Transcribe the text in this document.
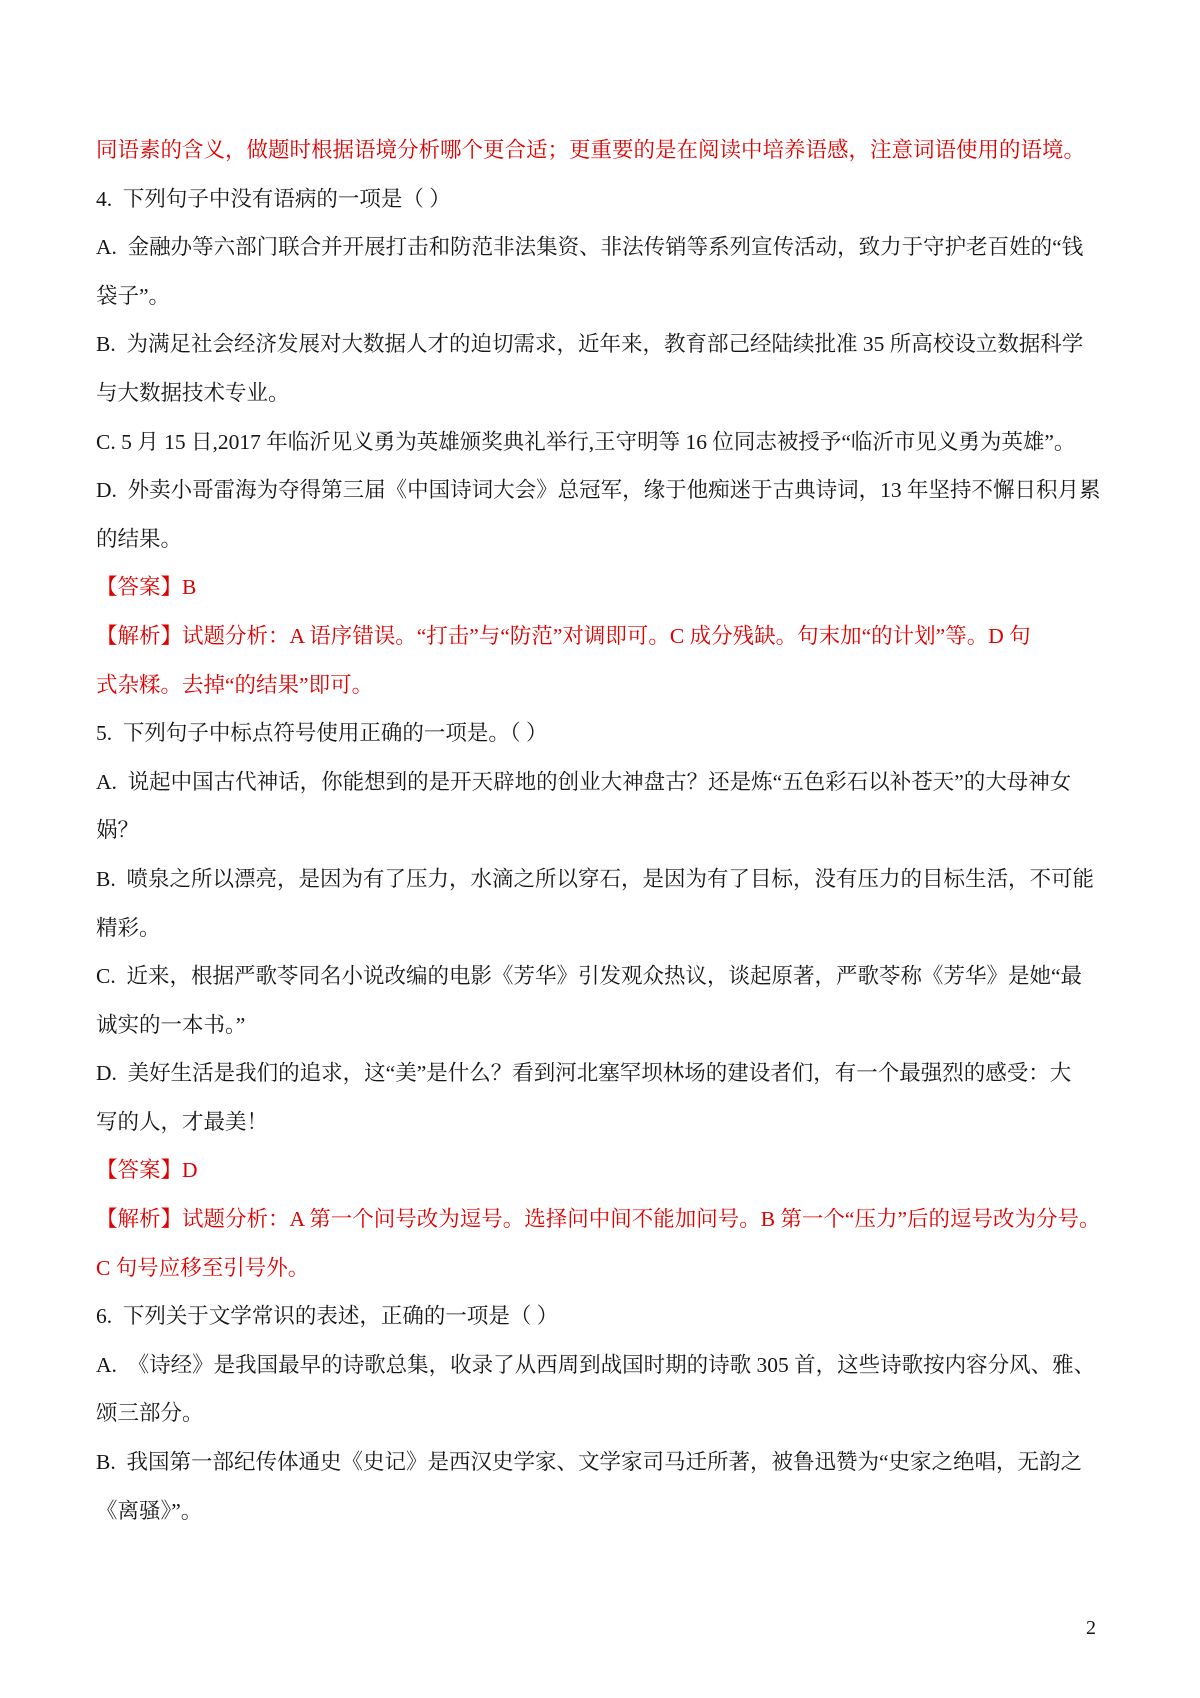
同语素的含义，做题时根据语境分析哪个更合适；更重要的是在阅读中培养语感，注意词语使用的语境。
4.  下列句子中没有语病的一项是（ ）
A.  金融办等六部门联合并开展打击和防范非法集资、非法传销等系列宣传活动，致力于守护老百姓的“钱
袋子”。
B.  为满足社会经济发展对大数据人才的迫切需求，近年来，教育部己经陆续批准 35 所高校设立数据科学
与大数据技术专业。
C. 5 月 15 日,2017 年临沂见义勇为英雄颁奖典礼举行,王守明等 16 位同志被授予“临沂市见义勇为英雄”。
D.  外卖小哥雷海为夺得第三届《中国诗词大会》总冠军，缘于他痴迷于古典诗词，13 年坚持不懈日积月累
的结果。
【答案】B
【解析】试题分析：A 语序错误。“打击”与“防范”对调即可。C 成分残缺。句末加“的计划”等。D 句
式杂糅。去掉“的结果”即可。
5.  下列句子中标点符号使用正确的一项是。（ ）
A.  说起中国古代神话，你能想到的是开天辟地的创业大神盘古？还是炼“五色彩石以补苍天”的大母神女
娲？
B.  喷泉之所以漂亮，是因为有了压力，水滴之所以穿石，是因为有了目标，没有压力的目标生活，不可能
精彩。
C.  近来，根据严歌苓同名小说改编的电影《芳华》引发观众热议，谈起原著，严歌苓称《芳华》是她“最
诚实的一本书。”
D.  美好生活是我们的追求，这“美”是什么？看到河北塞罕坝林场的建设者们，有一个最强烈的感受：大
写的人，才最美！
【答案】D
【解析】试题分析：A 第一个问号改为逗号。选择问中间不能加问号。B 第一个“压力”后的逗号改为分号。
C 句号应移至引号外。
6.  下列关于文学常识的表述，正确的一项是（ ）
A.  《诗经》是我国最早的诗歌总集，收录了从西周到战国时期的诗歌 305 首，这些诗歌按内容分风、雅、
颂三部分。
B.  我国第一部纪传体通史《史记》是西汉史学家、文学家司马迁所著，被鲁迅赞为“史家之绝唱，无韵之
《离骚》”。
2
